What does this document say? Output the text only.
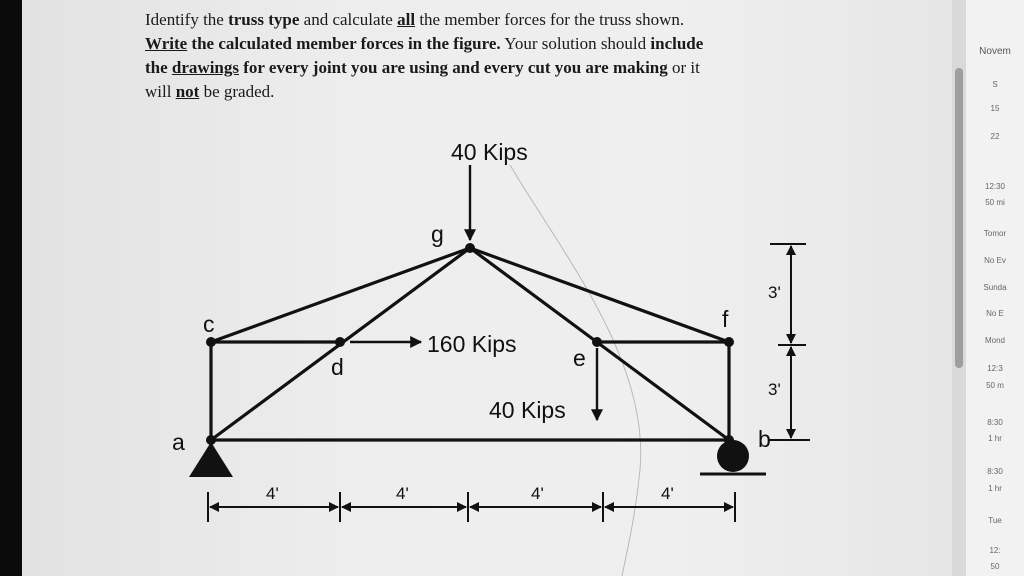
Identify the truss type and calculate all the member forces for the truss shown.
Write the calculated member forces in the figure. Your solution should include
the drawings for every joint you are using and every cut you are making or it
will not be graded.
40 Kips
160 Kips
40 Kips
g
c
d	e
f
a	b
4'	4'	4'	4'
3'
3'
Novem
S
15
22
12:30
50 mi
Tomor
No Ev
Sunda
No E
Mond
12:3
50 m
8:30
1 hr
8:30
1 hr
Tue
12:
50
